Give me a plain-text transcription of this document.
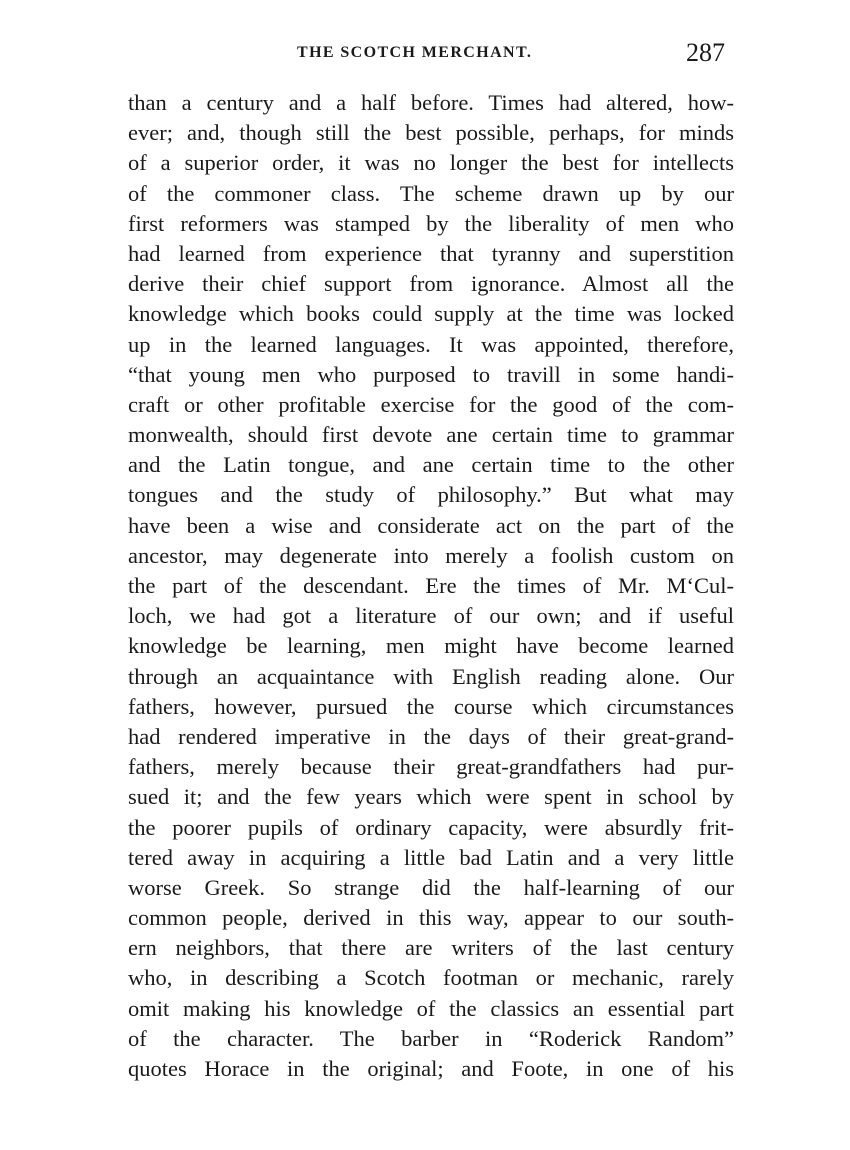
THE SCOTCH MERCHANT.	287
than a century and a half before. Times had altered, how-
ever; and, though still the best possible, perhaps, for minds
of a superior order, it was no longer the best for intellects
of the commoner class. The scheme drawn up by our
first reformers was stamped by the liberality of men who
had learned from experience that tyranny and superstition
derive their chief support from ignorance. Almost all the
knowledge which books could supply at the time was locked
up in the learned languages. It was appointed, therefore,
“that young men who purposed to travill in some handi-
craft or other profitable exercise for the good of the com-
monwealth, should first devote ane certain time to grammar
and the Latin tongue, and ane certain time to the other
tongues and the study of philosophy.” But what may
have been a wise and considerate act on the part of the
ancestor, may degenerate into merely a foolish custom on
the part of the descendant. Ere the times of Mr. M‘Cul-
loch, we had got a literature of our own; and if useful
knowledge be learning, men might have become learned
through an acquaintance with English reading alone. Our
fathers, however, pursued the course which circumstances
had rendered imperative in the days of their great-grand-
fathers, merely because their great-grandfathers had pur-
sued it; and the few years which were spent in school by
the poorer pupils of ordinary capacity, were absurdly frit-
tered away in acquiring a little bad Latin and a very little
worse Greek. So strange did the half-learning of our
common people, derived in this way, appear to our south-
ern neighbors, that there are writers of the last century
who, in describing a Scotch footman or mechanic, rarely
omit making his knowledge of the classics an essential part
of the character. The barber in “Roderick Random”
quotes Horace in the original; and Foote, in one of his
